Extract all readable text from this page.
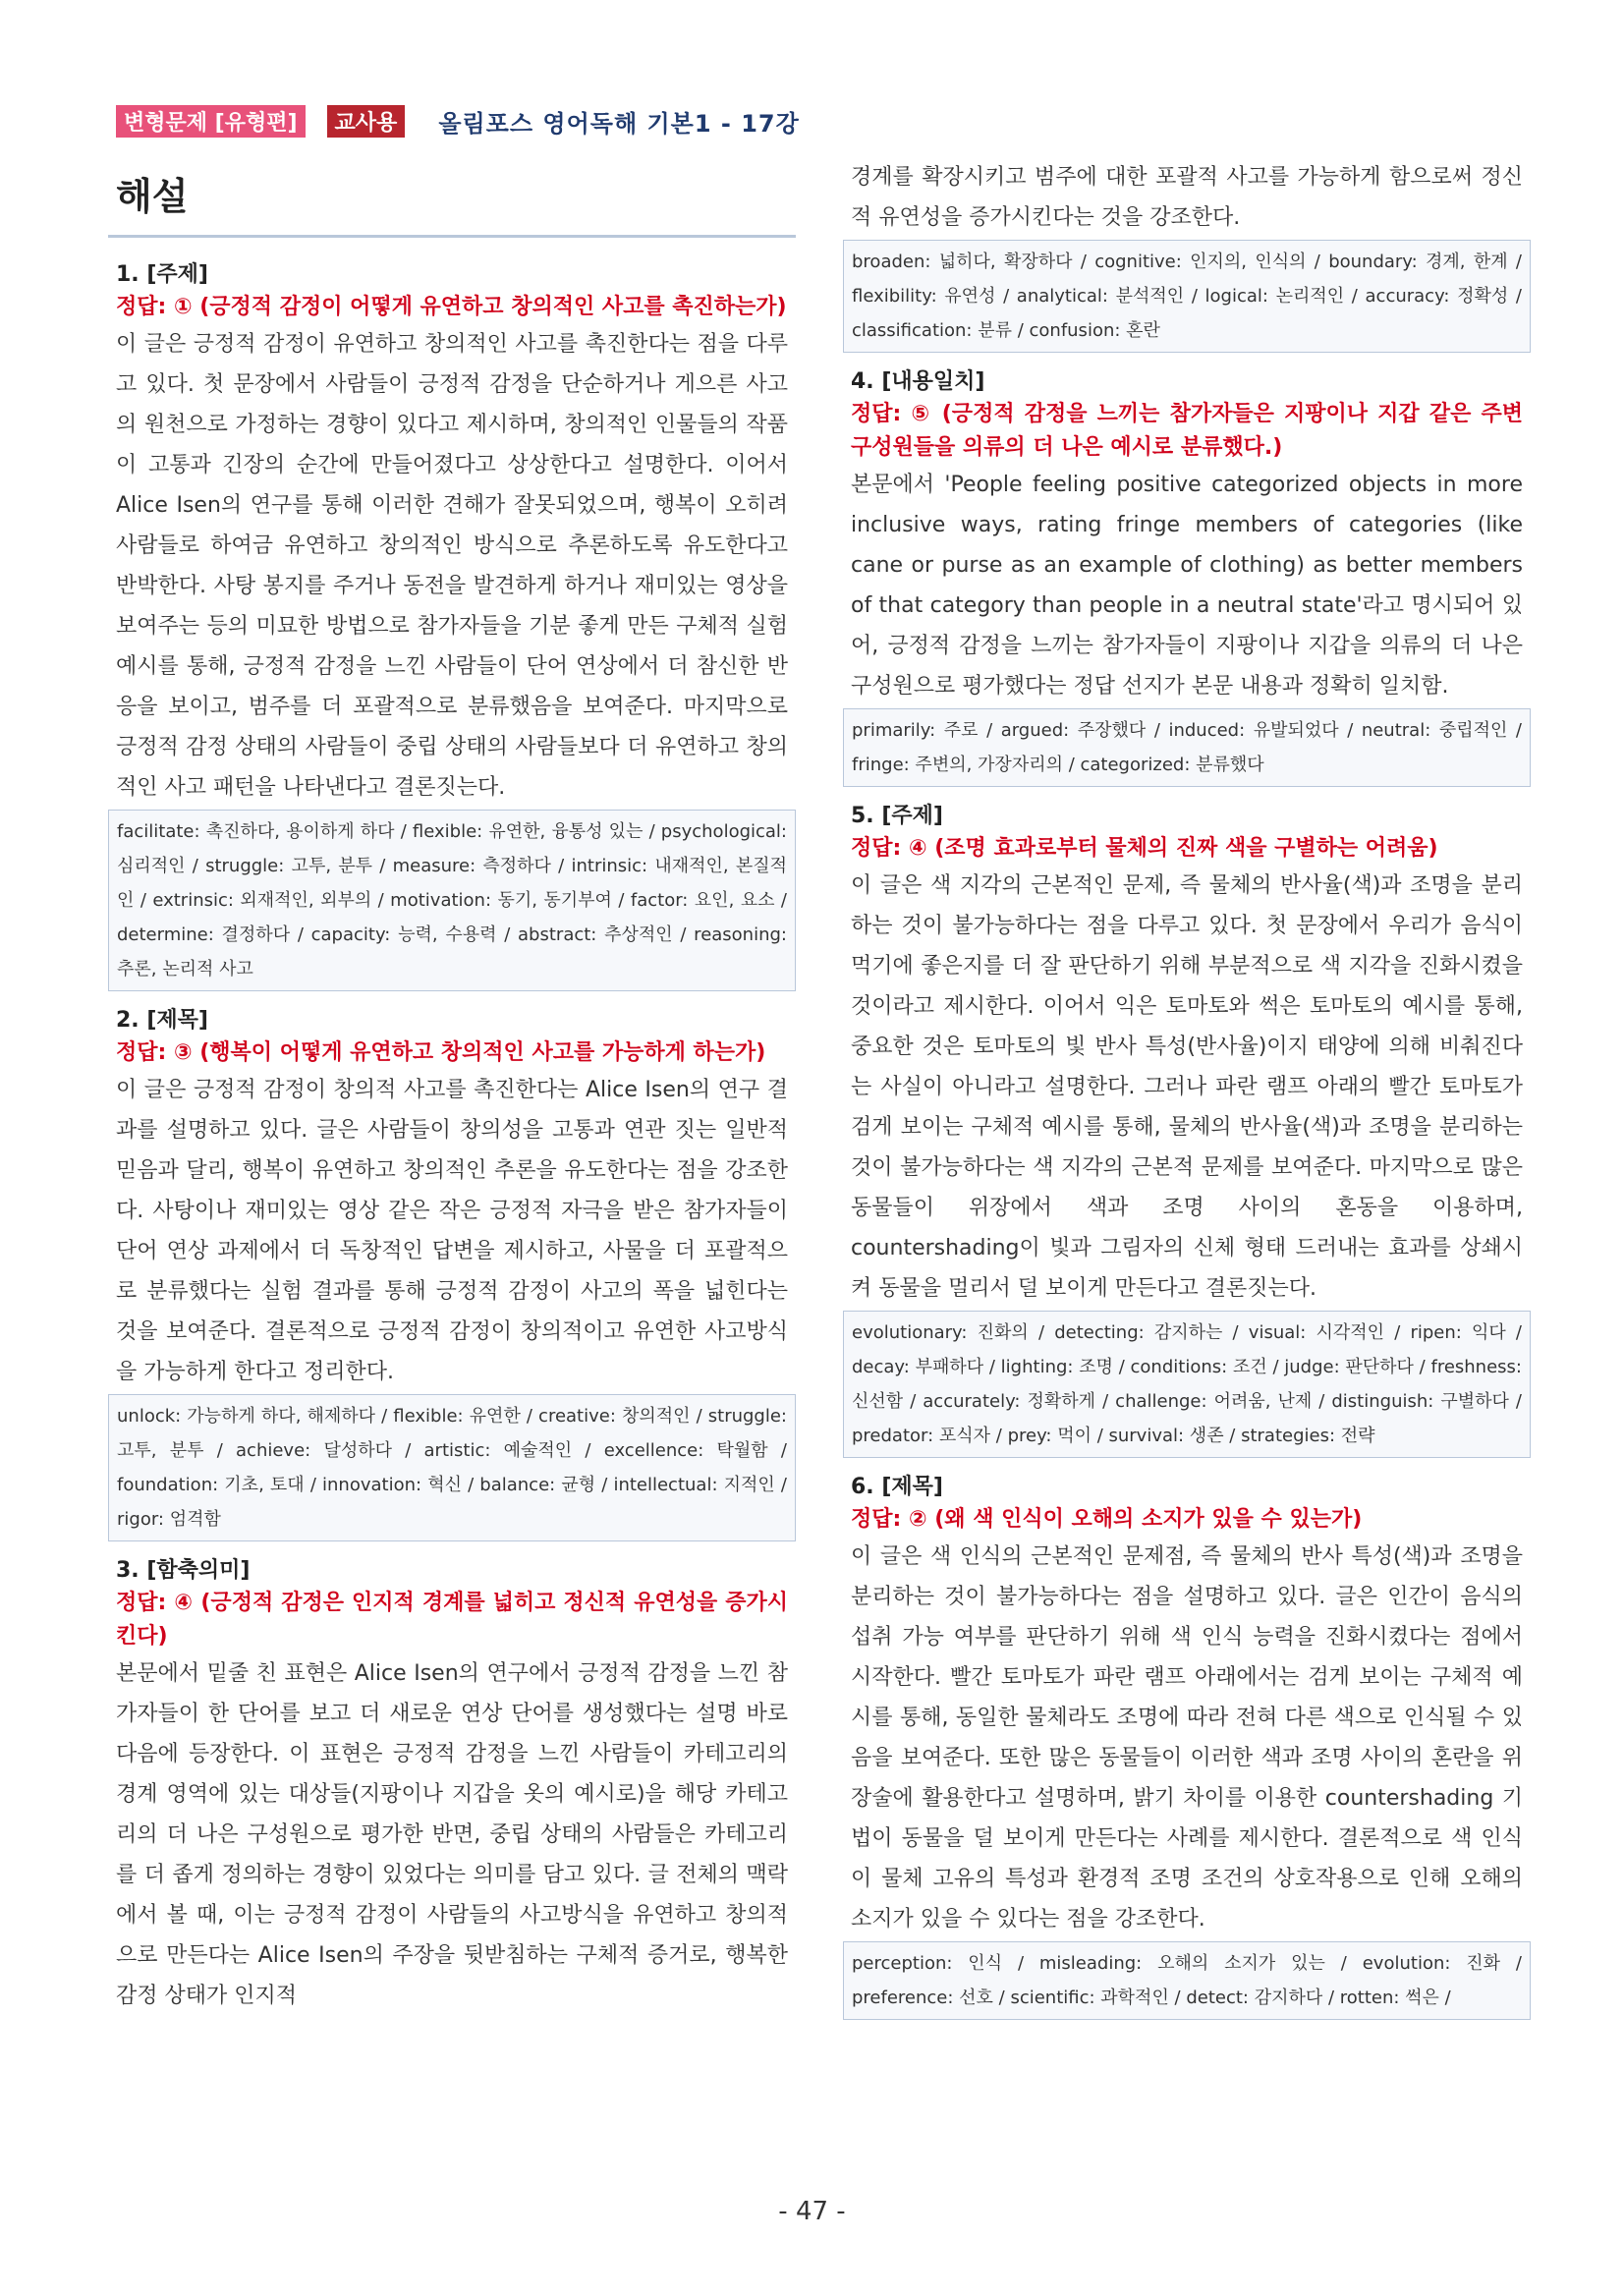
변형문제 [유형편]	교사용	올림포스 영어독해 기본1 - 17강
해설
1. [주제]
정답: ① (긍정적 감정이 어떻게 유연하고 창의적인 사고를 촉진하는가)
이 글은 긍정적 감정이 유연하고 창의적인 사고를 촉진한다는 점을 다루고 있다. 첫 문장에서 사람들이 긍정적 감정을 단순하거나 게으른 사고의 원천으로 가정하는 경향이 있다고 제시하며, 창의적인 인물들의 작품이 고통과 긴장의 순간에 만들어졌다고 상상한다고 설명한다. 이어서 Alice Isen의 연구를 통해 이러한 견해가 잘못되었으며, 행복이 오히려 사람들로 하여금 유연하고 창의적인 방식으로 추론하도록 유도한다고 반박한다. 사탕 봉지를 주거나 동전을 발견하게 하거나 재미있는 영상을 보여주는 등의 미묘한 방법으로 참가자들을 기분 좋게 만든 구체적 실험 예시를 통해, 긍정적 감정을 느낀 사람들이 단어 연상에서 더 참신한 반응을 보이고, 범주를 더 포괄적으로 분류했음을 보여준다. 마지막으로 긍정적 감정 상태의 사람들이 중립 상태의 사람들보다 더 유연하고 창의적인 사고 패턴을 나타낸다고 결론짓는다.
facilitate: 촉진하다, 용이하게 하다 / flexible: 유연한, 융통성 있는 / psychological: 심리적인 / struggle: 고투, 분투 / measure: 측정하다 / intrinsic: 내재적인, 본질적인 / extrinsic: 외재적인, 외부의 / motivation: 동기, 동기부여 / factor: 요인, 요소 / determine: 결정하다 / capacity: 능력, 수용력 / abstract: 추상적인 / reasoning: 추론, 논리적 사고
2. [제목]
정답: ③ (행복이 어떻게 유연하고 창의적인 사고를 가능하게 하는가)
이 글은 긍정적 감정이 창의적 사고를 촉진한다는 Alice Isen의 연구 결과를 설명하고 있다. 글은 사람들이 창의성을 고통과 연관 짓는 일반적 믿음과 달리, 행복이 유연하고 창의적인 추론을 유도한다는 점을 강조한다. 사탕이나 재미있는 영상 같은 작은 긍정적 자극을 받은 참가자들이 단어 연상 과제에서 더 독창적인 답변을 제시하고, 사물을 더 포괄적으로 분류했다는 실험 결과를 통해 긍정적 감정이 사고의 폭을 넓힌다는 것을 보여준다. 결론적으로 긍정적 감정이 창의적이고 유연한 사고방식을 가능하게 한다고 정리한다.
unlock: 가능하게 하다, 해제하다 / flexible: 유연한 / creative: 창의적인 / struggle: 고투, 분투 / achieve: 달성하다 / artistic: 예술적인 / excellence: 탁월함 / foundation: 기초, 토대 / innovation: 혁신 / balance: 균형 / intellectual: 지적인 / rigor: 엄격함
3. [함축의미]
정답: ④ (긍정적 감정은 인지적 경계를 넓히고 정신적 유연성을 증가시킨다)
본문에서 밑줄 친 표현은 Alice Isen의 연구에서 긍정적 감정을 느낀 참가자들이 한 단어를 보고 더 새로운 연상 단어를 생성했다는 설명 바로 다음에 등장한다. 이 표현은 긍정적 감정을 느낀 사람들이 카테고리의 경계 영역에 있는 대상들(지팡이나 지갑을 옷의 예시로)을 해당 카테고리의 더 나은 구성원으로 평가한 반면, 중립 상태의 사람들은 카테고리를 더 좁게 정의하는 경향이 있었다는 의미를 담고 있다. 글 전체의 맥락에서 볼 때, 이는 긍정적 감정이 사람들의 사고방식을 유연하고 창의적으로 만든다는 Alice Isen의 주장을 뒷받침하는 구체적 증거로, 행복한 감정 상태가 인지적
경계를 확장시키고 범주에 대한 포괄적 사고를 가능하게 함으로써 정신적 유연성을 증가시킨다는 것을 강조한다.
broaden: 넓히다, 확장하다 / cognitive: 인지의, 인식의 / boundary: 경계, 한계 / flexibility: 유연성 / analytical: 분석적인 / logical: 논리적인 / accuracy: 정확성 / classification: 분류 / confusion: 혼란
4. [내용일치]
정답: ⑤ (긍정적 감정을 느끼는 참가자들은 지팡이나 지갑 같은 주변 구성원들을 의류의 더 나은 예시로 분류했다.)
본문에서 'People feeling positive categorized objects in more inclusive ways, rating fringe members of categories (like cane or purse as an example of clothing) as better members of that category than people in a neutral state'라고 명시되어 있어, 긍정적 감정을 느끼는 참가자들이 지팡이나 지갑을 의류의 더 나은 구성원으로 평가했다는 정답 선지가 본문 내용과 정확히 일치함.
primarily: 주로 / argued: 주장했다 / induced: 유발되었다 / neutral: 중립적인 / fringe: 주변의, 가장자리의 / categorized: 분류했다
5. [주제]
정답: ④ (조명 효과로부터 물체의 진짜 색을 구별하는 어려움)
이 글은 색 지각의 근본적인 문제, 즉 물체의 반사율(색)과 조명을 분리하는 것이 불가능하다는 점을 다루고 있다. 첫 문장에서 우리가 음식이 먹기에 좋은지를 더 잘 판단하기 위해 부분적으로 색 지각을 진화시켰을 것이라고 제시한다. 이어서 익은 토마토와 썩은 토마토의 예시를 통해, 중요한 것은 토마토의 빛 반사 특성(반사율)이지 태양에 의해 비춰진다는 사실이 아니라고 설명한다. 그러나 파란 램프 아래의 빨간 토마토가 검게 보이는 구체적 예시를 통해, 물체의 반사율(색)과 조명을 분리하는 것이 불가능하다는 색 지각의 근본적 문제를 보여준다. 마지막으로 많은 동물들이 위장에서 색과 조명 사이의 혼동을 이용하며, countershading이 빛과 그림자의 신체 형태 드러내는 효과를 상쇄시켜 동물을 멀리서 덜 보이게 만든다고 결론짓는다.
evolutionary: 진화의 / detecting: 감지하는 / visual: 시각적인 / ripen: 익다 / decay: 부패하다 / lighting: 조명 / conditions: 조건 / judge: 판단하다 / freshness: 신선함 / accurately: 정확하게 / challenge: 어려움, 난제 / distinguish: 구별하다 / predator: 포식자 / prey: 먹이 / survival: 생존 / strategies: 전략
6. [제목]
정답: ② (왜 색 인식이 오해의 소지가 있을 수 있는가)
이 글은 색 인식의 근본적인 문제점, 즉 물체의 반사 특성(색)과 조명을 분리하는 것이 불가능하다는 점을 설명하고 있다. 글은 인간이 음식의 섭취 가능 여부를 판단하기 위해 색 인식 능력을 진화시켰다는 점에서 시작한다. 빨간 토마토가 파란 램프 아래에서는 검게 보이는 구체적 예시를 통해, 동일한 물체라도 조명에 따라 전혀 다른 색으로 인식될 수 있음을 보여준다. 또한 많은 동물들이 이러한 색과 조명 사이의 혼란을 위장술에 활용한다고 설명하며, 밝기 차이를 이용한 countershading 기법이 동물을 덜 보이게 만든다는 사례를 제시한다. 결론적으로 색 인식이 물체 고유의 특성과 환경적 조명 조건의 상호작용으로 인해 오해의 소지가 있을 수 있다는 점을 강조한다.
perception: 인식 / misleading: 오해의 소지가 있는 / evolution: 진화 / preference: 선호 / scientific: 과학적인 / detect: 감지하다 / rotten: 썩은 /
- 47 -
